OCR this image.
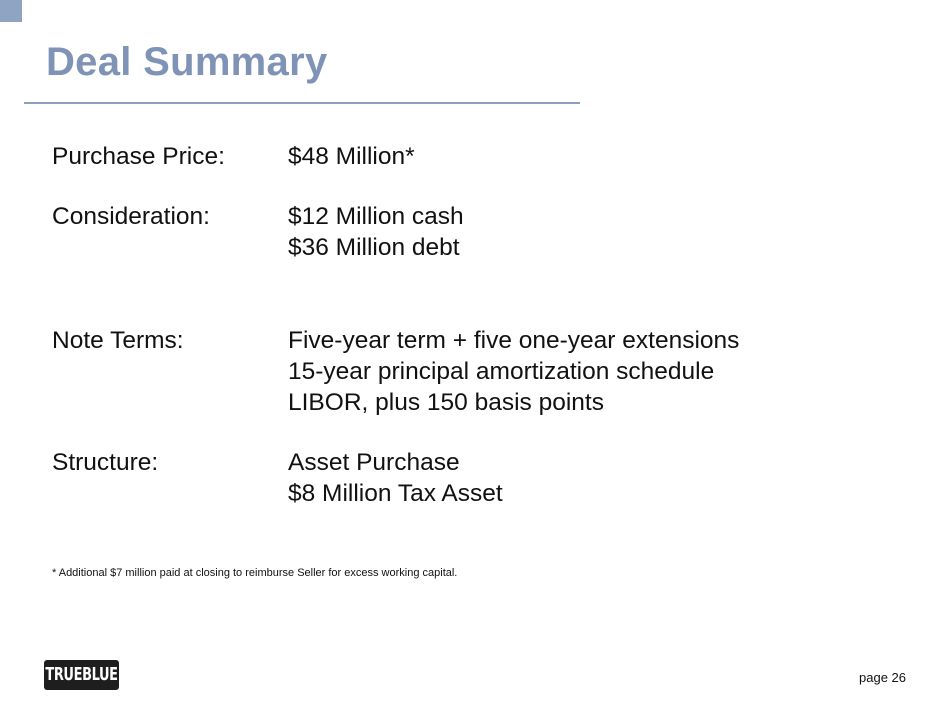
Deal Summary
Purchase Price:	$48 Million*
Consideration:	$12 Million cash
$36 Million debt
Note Terms:	Five-year term + five one-year extensions
15-year principal amortization schedule
LIBOR, plus 150 basis points
Structure:	Asset Purchase
$8 Million Tax Asset
* Additional $7 million paid at closing to reimburse Seller for excess working capital.
TRUEBLUE	page 26
